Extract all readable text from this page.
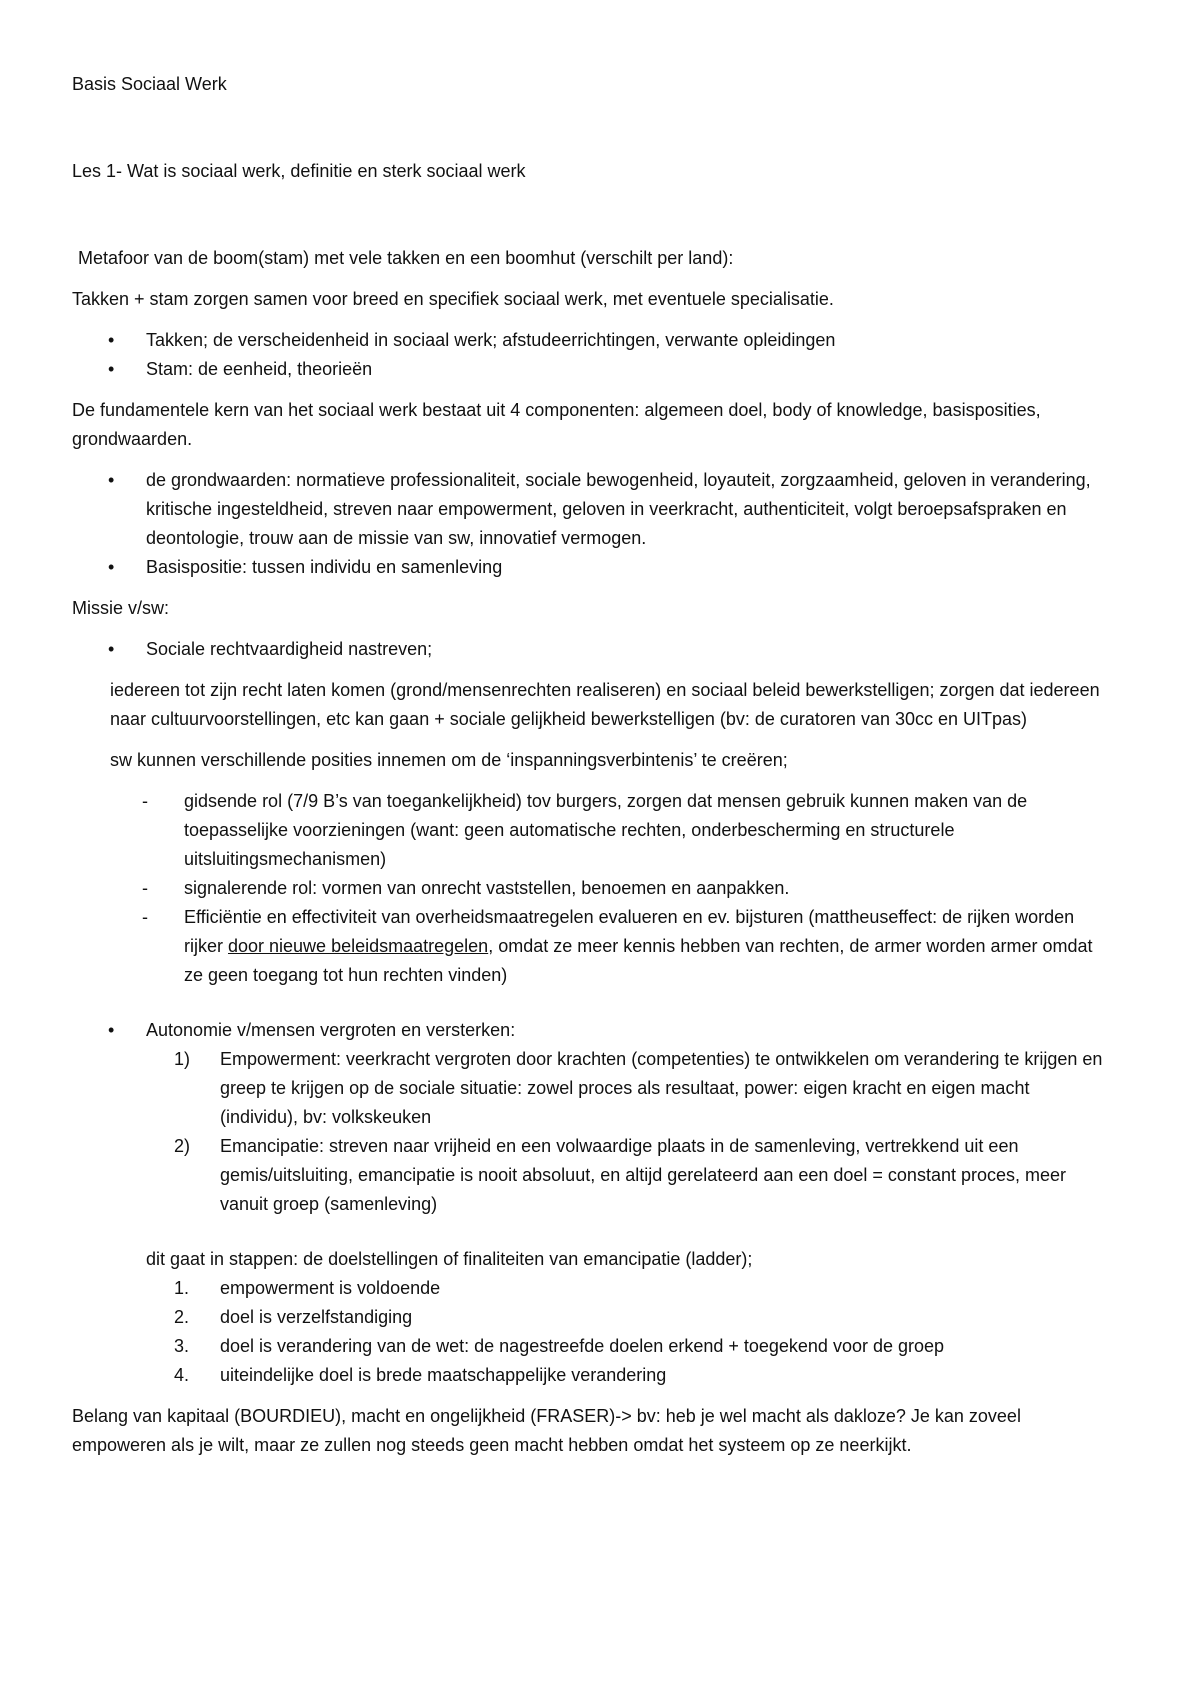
Basis Sociaal Werk

Les 1- Wat is sociaal werk, definitie en sterk sociaal werk

Metafoor van de boom(stam) met vele takken en een boomhut (verschilt per land):

Takken + stam zorgen samen voor breed en specifiek sociaal werk, met eventuele specialisatie.

• Takken; de verscheidenheid in sociaal werk; afstudeerrichtingen, verwante opleidingen
• Stam: de eenheid, theorieën

De fundamentele kern van het sociaal werk bestaat uit 4 componenten: algemeen doel, body of knowledge, basisposities, grondwaarden.

• de grondwaarden: normatieve professionaliteit, sociale bewogenheid, loyauteit, zorgzaamheid, geloven in verandering, kritische ingesteldheid, streven naar empowerment, geloven in veerkracht, authenticiteit, volgt beroepsafspraken en deontologie, trouw aan de missie van sw, innovatief vermogen.
• Basispositie: tussen individu en samenleving

Missie v/sw:

• Sociale rechtvaardigheid nastreven;

iedereen tot zijn recht laten komen (grond/mensenrechten realiseren) en sociaal beleid bewerkstelligen; zorgen dat iedereen naar cultuurvoorstellingen, etc kan gaan + sociale gelijkheid bewerkstelligen (bv: de curatoren van 30cc en UITpas)

sw kunnen verschillende posities innemen om de ‘inspanningsverbintenis’ te creëren;

- gidsende rol (7/9 B’s van toegankelijkheid) tov burgers, zorgen dat mensen gebruik kunnen maken van de toepasselijke voorzieningen (want: geen automatische rechten, onderbescherming en structurele uitsluitingsmechanismen)
- signalerende rol: vormen van onrecht vaststellen, benoemen en aanpakken.
- Efficiëntie en effectiviteit van overheidsmaatregelen evalueren en ev. bijsturen (mattheuseffect: de rijken worden rijker door nieuwe beleidsmaatregelen, omdat ze meer kennis hebben van rechten, de armer worden armer omdat ze geen toegang tot hun rechten vinden)
• Autonomie v/mensen vergroten en versterken:
1) Empowerment: veerkracht vergroten door krachten (competenties) te ontwikkelen om verandering te krijgen en greep te krijgen op de sociale situatie: zowel proces als resultaat, power: eigen kracht en eigen macht (individu), bv: volkskeuken
2) Emancipatie: streven naar vrijheid en een volwaardige plaats in de samenleving, vertrekkend uit een gemis/uitsluiting, emancipatie is nooit absoluut, en altijd gerelateerd aan een doel = constant proces, meer vanuit groep (samenleving)

dit gaat in stappen: de doelstellingen of finaliteiten van emancipatie (ladder);

1. empowerment is voldoende
2. doel is verzelfstandiging
3. doel is verandering van de wet: de nagestreefde doelen erkend + toegekend voor de groep
4. uiteindelijke doel is brede maatschappelijke verandering

Belang van kapitaal (BOURDIEU), macht en ongelijkheid (FRASER)-> bv: heb je wel macht als dakloze? Je kan zoveel empoweren als je wilt, maar ze zullen nog steeds geen macht hebben omdat het systeem op ze neerkijkt.
